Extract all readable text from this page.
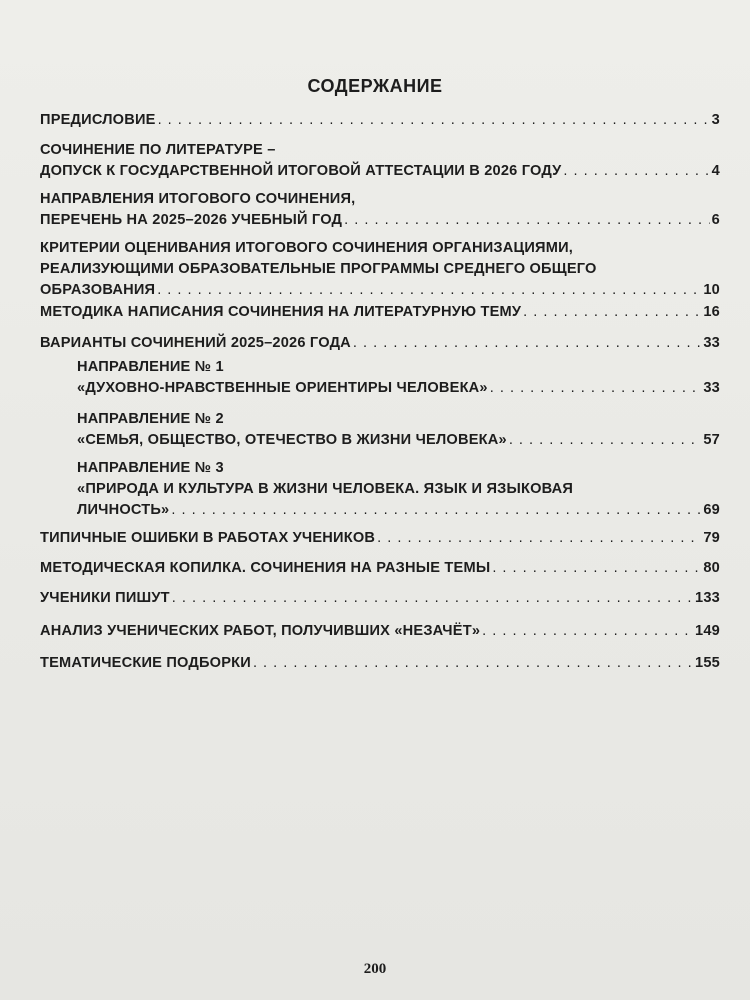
СОДЕРЖАНИЕ
ПРЕДИСЛОВИЕ . . .	3
СОЧИНЕНИЕ ПО ЛИТЕРАТУРЕ –
ДОПУСК К ГОСУДАРСТВЕННОЙ ИТОГОВОЙ АТТЕСТАЦИИ В 2026 ГОДУ . . .	4
НАПРАВЛЕНИЯ ИТОГОВОГО СОЧИНЕНИЯ,
ПЕРЕЧЕНЬ НА 2025–2026 УЧЕБНЫЙ ГОД . . .	6
КРИТЕРИИ ОЦЕНИВАНИЯ ИТОГОВОГО СОЧИНЕНИЯ ОРГАНИЗАЦИЯМИ,
РЕАЛИЗУЮЩИМИ ОБРАЗОВАТЕЛЬНЫЕ ПРОГРАММЫ СРЕДНЕГО ОБЩЕГО
ОБРАЗОВАНИЯ . . .	10
МЕТОДИКА НАПИСАНИЯ СОЧИНЕНИЯ НА ЛИТЕРАТУРНУЮ ТЕМУ . . .	16
ВАРИАНТЫ СОЧИНЕНИЙ 2025–2026 ГОДА . . .	33
НАПРАВЛЕНИЕ № 1
«ДУХОВНО-НРАВСТВЕННЫЕ ОРИЕНТИРЫ ЧЕЛОВЕКА» . . .	33
НАПРАВЛЕНИЕ № 2
«СЕМЬЯ, ОБЩЕСТВО, ОТЕЧЕСТВО В ЖИЗНИ ЧЕЛОВЕКА» . . .	57
НАПРАВЛЕНИЕ № 3
«ПРИРОДА И КУЛЬТУРА В ЖИЗНИ ЧЕЛОВЕКА. ЯЗЫК И ЯЗЫКОВАЯ
ЛИЧНОСТЬ» . . .	69
ТИПИЧНЫЕ ОШИБКИ В РАБОТАХ УЧЕНИКОВ . . .	79
МЕТОДИЧЕСКАЯ КОПИЛКА. СОЧИНЕНИЯ НА РАЗНЫЕ ТЕМЫ . . .	80
УЧЕНИКИ ПИШУТ . . .	133
АНАЛИЗ УЧЕНИЧЕСКИХ РАБОТ, ПОЛУЧИВШИХ «НЕЗАЧЁТ» . . .	149
ТЕМАТИЧЕСКИЕ ПОДБОРКИ . . .	155
200
